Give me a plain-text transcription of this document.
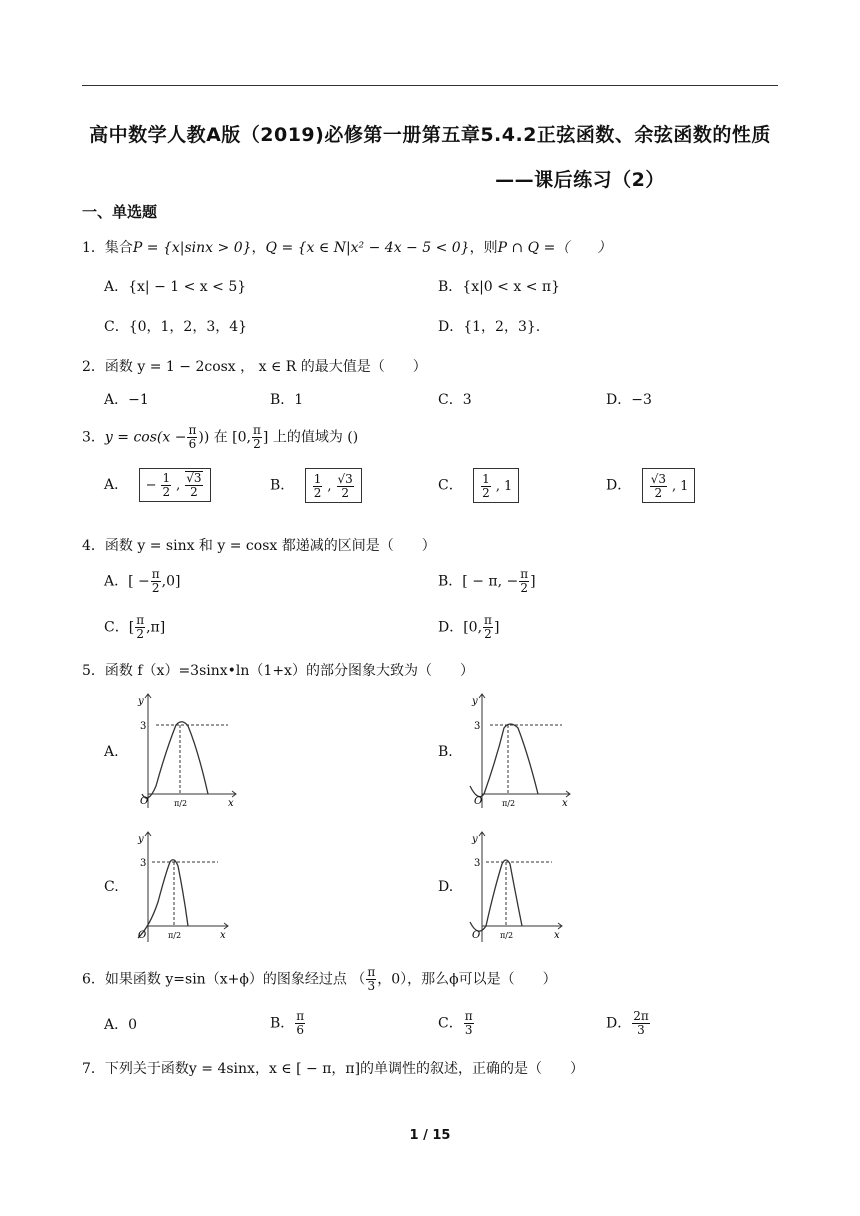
高中数学人教A版（2019)必修第一册第五章5.4.2正弦函数、余弦函数的性质
——课后练习（2）
一、单选题
1．集合P = {x|sinx > 0}，Q = {x ∈ N|x² − 4x − 5 < 0}，则P ∩ Q =（　　）
A．{x| − 1 < x < 5}	B．{x|0 < x < π}
C．{0，1，2，3，4}	D．{1，2，3}.
2．函数 y = 1 − 2cosx ， x ∈ R 的最大值是（　　）
A．−1	B．1	C．3	D．−3
3．$y = \cos(x - \frac{\pi}{6}$ )) 在 [0, $\frac{\pi}{2}$ ] 上的值域为 ()
A． − $\frac{1}{2}$ , $\frac{√3}{2}$	B． $\frac{1}{2}$ , $\frac{√3}{2}$	C． $\frac{1}{2}$ , 1	D． $\frac{√3}{2}$ , 1
4．函数 y = sinx 和 y = cosx 都递减的区间是（　　）
A．[ − $\frac{\pi}{2} ,0$]	B．[ − π, − $\frac{\pi}{2}$ ]
C．[ $\frac{\pi}{2} ,\pi$]	D．[0, $\frac{\pi}{2}$ ]
5．函数 f（x）=3sinx•ln（1+x）的部分图象大致为（　　）
A.	B.
C.	D.
y
x
O
3
π/2
y
x
O
3
π/2
y
x
O
3
π/2
y
x
O
3
π/2
6．如果函数 y=sin（x+ϕ）的图象经过点 （ $\frac{\pi}{3}$ ，0），那么ϕ可以是（　　）
A．0	B． $\frac{\pi}{6}$	C． $\frac{\pi}{3}$	D． $\frac{2\pi}{3}$
7．下列关于函数y = 4sinx，x ∈ [ − π，π]的单调性的叙述，正确的是（　　）
1 / 15
